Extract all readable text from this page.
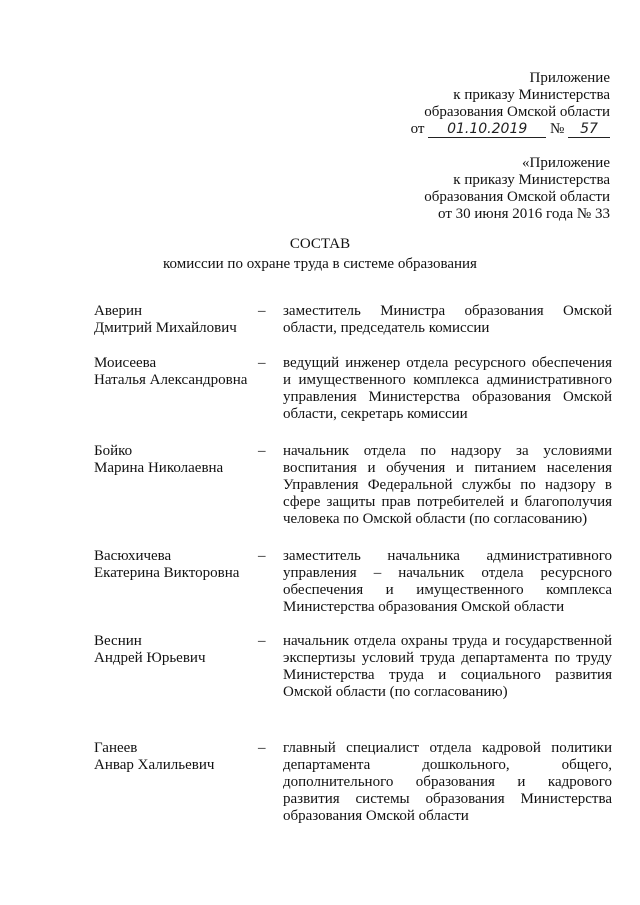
Приложение
к приказу Министерства
образования Омской области
от 01.10.2019 № 57
«Приложение
к приказу Министерства
образования Омской области
от 30 июня 2016 года № 33
СОСТАВ
комиссии по охране труда в системе образования
Аверин
Дмитрий Михайлович
– заместитель Министра образования Омской области, председатель комиссии
Моисеева
Наталья Александровна
– ведущий инженер отдела ресурсного обеспечения и имущественного комплекса административного управления Министерства образования Омской области, секретарь комиссии
Бойко
Марина Николаевна
– начальник отдела по надзору за условиями воспитания и обучения и питанием населения Управления Федеральной службы по надзору в сфере защиты прав потребителей и благополучия человека по Омской области (по согласованию)
Васюхичева
Екатерина Викторовна
– заместитель начальника административного управления – начальник отдела ресурсного обеспечения и имущественного комплекса Министерства образования Омской области
Веснин
Андрей Юрьевич
– начальник отдела охраны труда и государственной экспертизы условий труда департамента по труду Министерства труда и социального развития Омской области (по согласованию)
Ганеев
Анвар Халильевич
– главный специалист отдела кадровой политики департамента дошкольного, общего, дополнительного образования и кадрового развития системы образования Министерства образования Омской области
